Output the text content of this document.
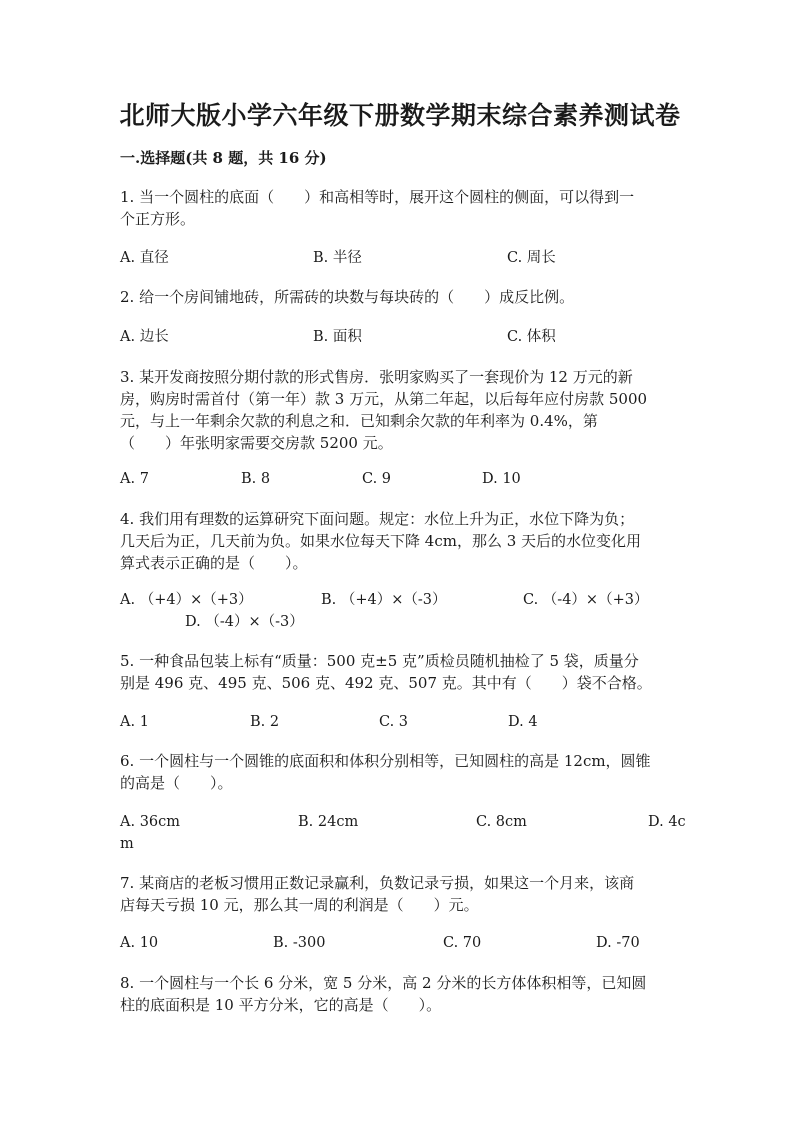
北师大版小学六年级下册数学期末综合素养测试卷
一.选择题(共 8 题，共 16 分)
1. 当一个圆柱的底面（　　）和高相等时，展开这个圆柱的侧面，可以得到一
个正方形。
A. 直径	B. 半径	C. 周长
2. 给一个房间铺地砖，所需砖的块数与每块砖的（　　）成反比例。
A. 边长	B. 面积	C. 体积
3. 某开发商按照分期付款的形式售房．张明家购买了一套现价为 12 万元的新
房，购房时需首付（第一年）款 3 万元，从第二年起，以后每年应付房款 5000
元，与上一年剩余欠款的利息之和．已知剩余欠款的年利率为 0.4%，第
（　　）年张明家需要交房款 5200 元。
A. 7	B. 8	C. 9	D. 10
4. 我们用有理数的运算研究下面问题。规定：水位上升为正，水位下降为负；
几天后为正，几天前为负。如果水位每天下降 4cm，那么 3 天后的水位变化用
算式表示正确的是（　　）。
A. （+4）×（+3）	B. （+4）×（-3）	C. （-4）×（+3）
D. （-4）×（-3）
5. 一种食品包装上标有“质量：500 克±5 克”质检员随机抽检了 5 袋，质量分
别是 496 克、495 克、506 克、492 克、507 克。其中有（　　）袋不合格。
A. 1	B. 2	C. 3	D. 4
6. 一个圆柱与一个圆锥的底面积和体积分别相等，已知圆柱的高是 12cm，圆锥
的高是（　　）。
A. 36cm	B. 24cm	C. 8cm	D. 4c
m
7. 某商店的老板习惯用正数记录赢利，负数记录亏损，如果这一个月来，该商
店每天亏损 10 元，那么其一周的利润是（　　）元。
A. 10	B. -300	C. 70	D. -70
8. 一个圆柱与一个长 6 分米，宽 5 分米，高 2 分米的长方体体积相等，已知圆
柱的底面积是 10 平方分米，它的高是（　　）。
